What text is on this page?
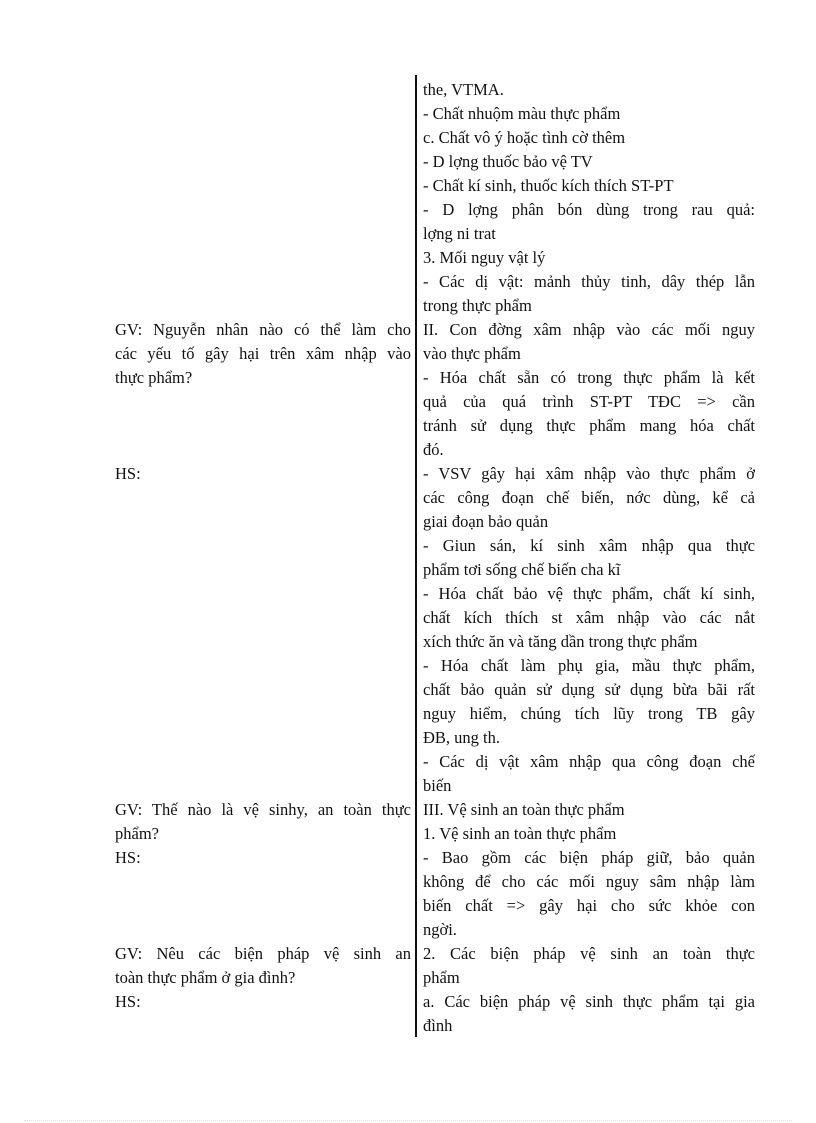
the, VTMA.
- Chất nhuộm màu thực phẩm
c. Chất vô ý hoặc tình cờ thêm
- D lợng thuốc bảo vệ TV
- Chất kí sinh, thuốc kích thích ST-PT
- D lợng phân bón dùng trong rau quả:
lợng ni trat
3. Mối nguy vật lý
- Các dị vật: mảnh thủy tinh, dây thép lẫn
trong thực phẩm
GV: Nguyễn nhân nào có thể làm cho
các yếu tố gây hại trên xâm nhập vào
thực phẩm?
II. Con đờng xâm nhập vào các mối nguy
vào thực phẩm
- Hóa chất sẵn có trong thực phẩm là kết
quả của quá trình ST-PT TĐC => cần
tránh sử dụng thực phẩm mang hóa chất
đó.
HS:	- VSV gây hại xâm nhập vào thực phẩm ở
các công đoạn chế biến, nớc dùng, kể cả
giai đoạn bảo quản
- Giun sán, kí sinh xâm nhập qua thực
phẩm tơi sống chế biến cha kĩ
- Hóa chất bảo vệ thực phẩm, chất kí sinh,
chất kích thích st xâm nhập vào các nắt
xích thức ăn và tăng dần trong thực phẩm
- Hóa chất làm phụ gia, mầu thực phẩm,
chất bảo quản sử dụng sử dụng bừa bãi rất
nguy hiểm, chúng tích lũy trong TB gây
ĐB, ung th.
- Các dị vật xâm nhập qua công đoạn chế
biến
GV: Thế nào là vệ sinhy, an toàn thực
phẩm?
HS:
III. Vệ sinh an toàn thực phẩm
1. Vệ sinh an toàn thực phẩm
- Bao gồm các biện pháp giữ, bảo quản
không để cho các mối nguy sâm nhập làm
biến chất => gây hại cho sức khỏe con
ngời.
GV: Nêu các biện pháp vệ sinh an
toàn thực phẩm ở gia đình?
HS:
2. Các biện pháp vệ sinh an toàn thực
phẩm
a. Các biện pháp vệ sinh thực phẩm tại gia
đình
